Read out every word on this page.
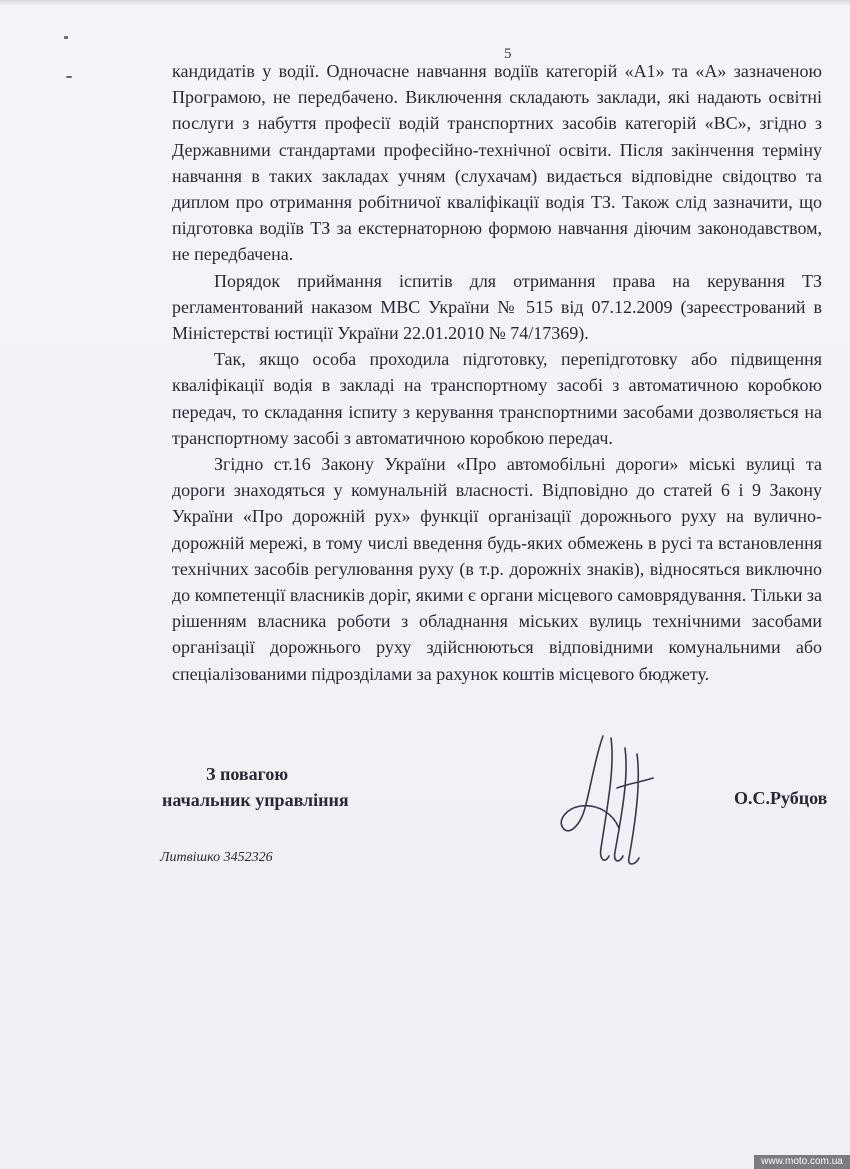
5

кандидатів у водії. Одночасне навчання водіїв категорій «А1» та «А» зазначеною Програмою, не передбачено. Виключення складають заклади, які надають освітні послуги з набуття професії водій транспортних засобів категорій «ВС», згідно з Державними стандартами професійно-технічної освіти. Після закінчення терміну навчання в таких закладах учням (слухачам) видається відповідне свідоцтво та диплом про отримання робітничої кваліфікації водія ТЗ. Також слід зазначити, що підготовка водіїв ТЗ за екстернаторною формою навчання діючим законодавством, не передбачена.

Порядок приймання іспитів для отримання права на керування ТЗ регламентований наказом МВС України № 515 від 07.12.2009 (зареєстрований в Міністерстві юстиції України 22.01.2010 № 74/17369).

Так, якщо особа проходила підготовку, перепідготовку або підвищення кваліфікації водія в закладі на транспортному засобі з автоматичною коробкою передач, то складання іспиту з керування транспортними засобами дозволяється на транспортному засобі з автоматичною коробкою передач.

Згідно ст.16 Закону України «Про автомобільні дороги» міські вулиці та дороги знаходяться у комунальній власності. Відповідно до статей 6 і 9 Закону України «Про дорожній рух» функції організації дорожнього руху на вулично-дорожній мережі, в тому числі введення будь-яких обмежень в русі та встановлення технічних засобів регулювання руху (в т.р. дорожніх знаків), відносяться виключно до компетенції власників доріг, якими є органи місцевого самоврядування. Тільки за рішенням власника роботи з обладнання міських вулиць технічними засобами організації дорожнього руху здійснюються відповідними комунальними або спеціалізованими підрозділами за рахунок коштів місцевого бюджету.

З повагою
начальник управління	О.С.Рубцов
Литвішко 3452326
www.moto.com.ua
